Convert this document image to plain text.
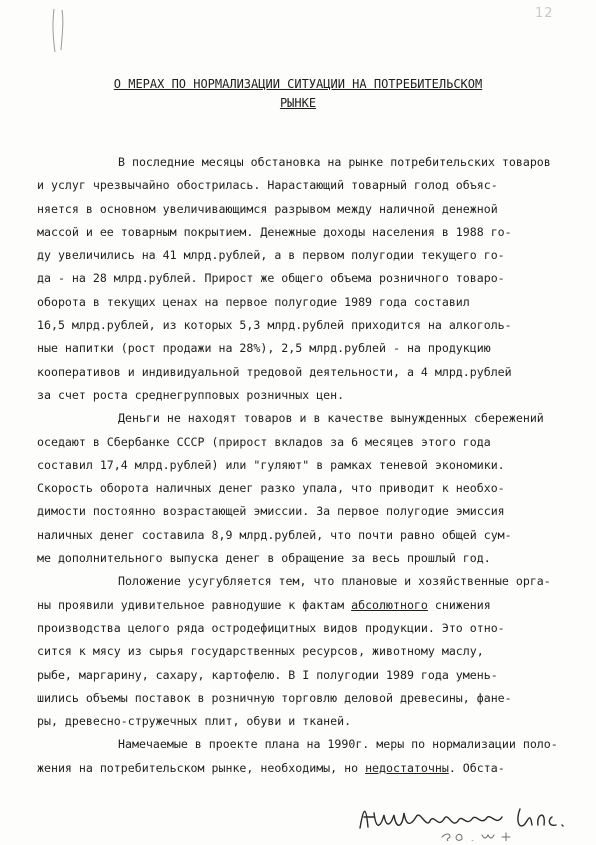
12
О МЕРАХ ПО НОРМАЛИЗАЦИИ СИТУАЦИИ НА ПОТРЕБИТЕЛЬСКОМ
РЫНКЕ
В последние месяцы обстановка на рынке потребительских товаров
и услуг чрезвычайно обострилась. Нарастающий товарный голод объяс-
няется в основном увеличивающимся разрывом между наличной денежной
массой и ее товарным покрытием. Денежные доходы населения в 1988 го-
ду увеличились на 41 млрд.рублей, а в первом полугодии текущего го-
да - на 28 млрд.рублей. Прирост же общего объема розничного товаро-
оборота в текущих ценах на первое полугодие 1989 года составил
16,5 млрд.рублей, из которых 5,3 млрд.рублей приходится на алкоголь-
ные напитки (рост продажи на 28%), 2,5 млрд.рублей - на продукцию
кооперативов и индивидуальной тредовой деятельности, а 4 млрд.рублей
за счет роста среднегрупповых розничных цен.
Деньги не находят товаров и в качестве вынужденных сбережений
оседают в Сбербанке СССР (прирост вкладов за 6 месяцев этого года
составил 17,4 млрд.рублей) или "гуляют" в рамках теневой экономики.
Скорость оборота наличных денег разко упала, что приводит к необхо-
димости постоянно возрастающей эмиссии. За первое полугодие эмиссия
наличных денег составила 8,9 млрд.рублей, что почти равно общей сум-
ме дополнительного выпуска денег в обращение за весь прошлый год.
Положение усугубляется тем, что плановые и хозяйственные орга-
ны проявили удивительное равнодушие к фактам абсолютного снижения
производства целого ряда остродефицитных видов продукции. Это отно-
сится к мясу из сырья государственных ресурсов, животному маслу,
рыбе, маргарину, сахару, картофелю. В I полугодии 1989 года умень-
шились объемы поставок в розничную торговлю деловой древесины, фане-
ры, древесно-стружечных плит, обуви и тканей.
Намечаемые в проекте плана на 1990г. меры по нормализации поло-
жения на потребительском рынке, необходимы, но недостаточны. Обста-
